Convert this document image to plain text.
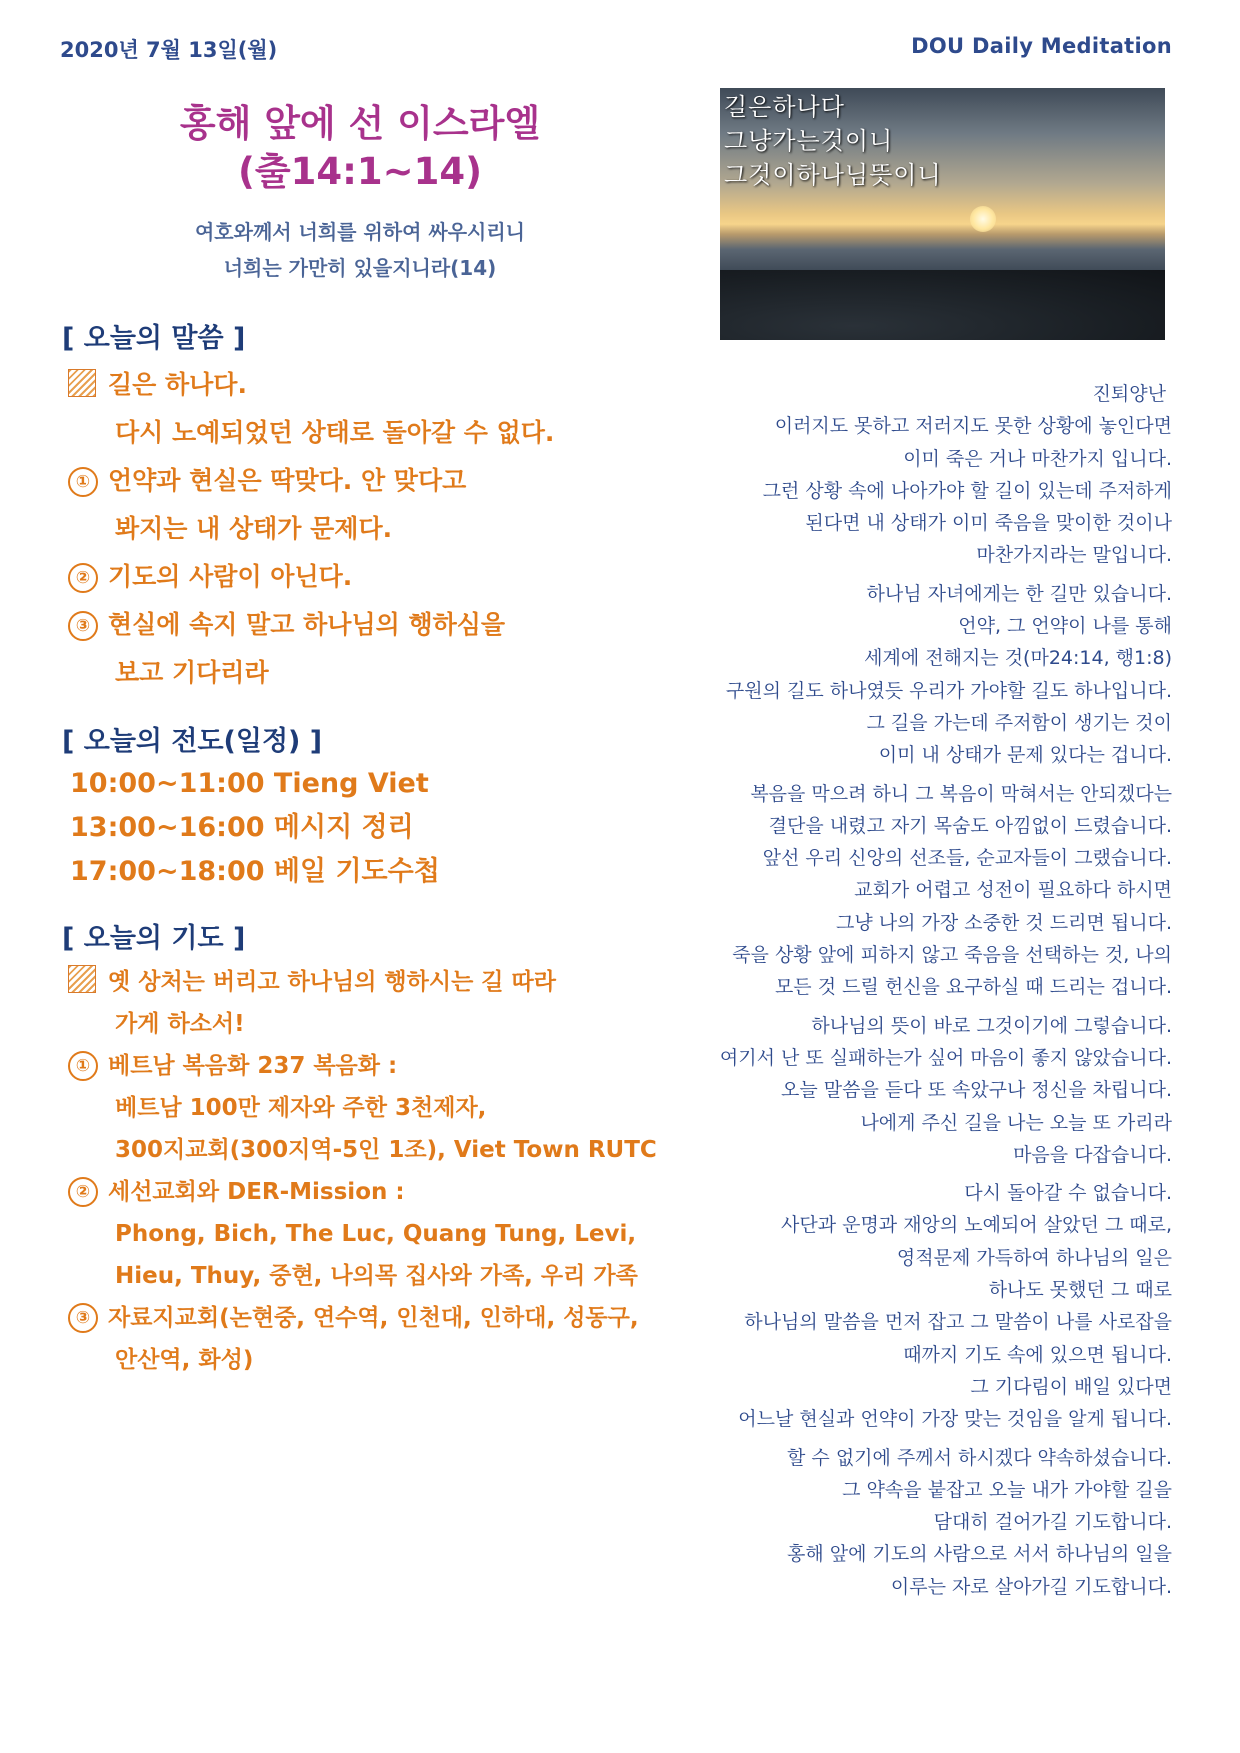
2020년 7월 13일(월)	DOU Daily Meditation
홍해 앞에 선 이스라엘
(출14:1~14)
여호와께서 너희를 위하여 싸우시리니
너희는 가만히 있을지니라(14)
[ 오늘의 말씀 ]
길은 하나다.
다시 노예되었던 상태로 돌아갈 수 없다.
① 언약과 현실은 딱맞다. 안 맞다고
봐지는 내 상태가 문제다.
② 기도의 사람이 아닌다.
③ 현실에 속지 말고 하나님의 행하심을
보고 기다리라
[ 오늘의 전도(일정) ]
10:00~11:00 Tieng Viet
13:00~16:00 메시지 정리
17:00~18:00 베일 기도수첩
[ 오늘의 기도 ]
옛 상처는 버리고 하나님의 행하시는 길 따라
가게 하소서!
① 베트남 복음화 237 복음화 :
베트남 100만 제자와 주한 3천제자,
300지교회(300지역-5인 1조), Viet Town RUTC
② 세선교회와 DER-Mission :
Phong, Bich, The Luc, Quang Tung, Levi,
Hieu, Thuy, 중현, 나의목 집사와 가족, 우리 가족
③ 자료지교회(논현중, 연수역, 인천대, 인하대, 성동구,
안산역, 화성)
길은하나다
그냥가는것이니
그것이하나님뜻이니
진퇴양난
이러지도 못하고 저러지도 못한 상황에 놓인다면
이미 죽은 거나 마찬가지 입니다.
그런 상황 속에 나아가야 할 길이 있는데 주저하게
된다면 내 상태가 이미 죽음을 맞이한 것이나
마찬가지라는 말입니다.
하나님 자녀에게는 한 길만 있습니다.
언약, 그 언약이 나를 통해
세계에 전해지는 것(마24:14, 행1:8)
구원의 길도 하나였듯 우리가 가야할 길도 하나입니다.
그 길을 가는데 주저함이 생기는 것이
이미 내 상태가 문제 있다는 겁니다.
복음을 막으려 하니 그 복음이 막혀서는 안되겠다는
결단을 내렸고 자기 목숨도 아낌없이 드렸습니다.
앞선 우리 신앙의 선조들, 순교자들이 그랬습니다.
교회가 어렵고 성전이 필요하다 하시면
그냥 나의 가장 소중한 것 드리면 됩니다.
죽을 상황 앞에 피하지 않고 죽음을 선택하는 것, 나의
모든 것 드릴 헌신을 요구하실 때 드리는 겁니다.
하나님의 뜻이 바로 그것이기에 그렇습니다.
여기서 난 또 실패하는가 싶어 마음이 좋지 않았습니다.
오늘 말씀을 듣다 또 속았구나 정신을 차립니다.
나에게 주신 길을 나는 오늘 또 가리라
마음을 다잡습니다.
다시 돌아갈 수 없습니다.
사단과 운명과 재앙의 노예되어 살았던 그 때로,
영적문제 가득하여 하나님의 일은
하나도 못했던 그 때로
하나님의 말씀을 먼저 잡고 그 말씀이 나를 사로잡을
때까지 기도 속에 있으면 됩니다.
그 기다림이 배일 있다면
어느날 현실과 언약이 가장 맞는 것임을 알게 됩니다.
할 수 없기에 주께서 하시겠다 약속하셨습니다.
그 약속을 붙잡고 오늘 내가 가야할 길을
담대히 걸어가길 기도합니다.
홍해 앞에 기도의 사람으로 서서 하나님의 일을
이루는 자로 살아가길 기도합니다.
